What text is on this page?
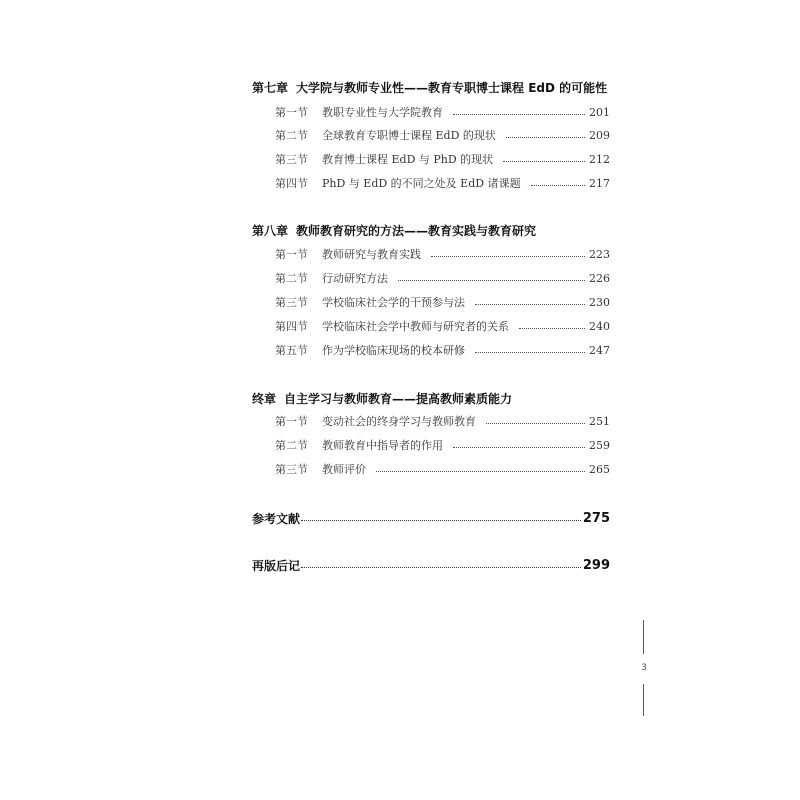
第七章 大学院与教师专业性——教育专职博士课程 EdD 的可能性
第一节	教职专业性与大学院教育	201
第二节	全球教育专职博士课程 EdD 的现状	209
第三节	教育博士课程 EdD 与 PhD 的现状	212
第四节	PhD 与 EdD 的不同之处及 EdD 诸课题	217
第八章 教师教育研究的方法——教育实践与教育研究
第一节	教师研究与教育实践	223
第二节	行动研究方法	226
第三节	学校临床社会学的干预参与法	230
第四节	学校临床社会学中教师与研究者的关系	240
第五节	作为学校临床现场的校本研修	247
终章 自主学习与教师教育——提高教师素质能力
第一节	变动社会的终身学习与教师教育	251
第二节	教师教育中指导者的作用	259
第三节	教师评价	265
参考文献	275
再版后记	299
3
